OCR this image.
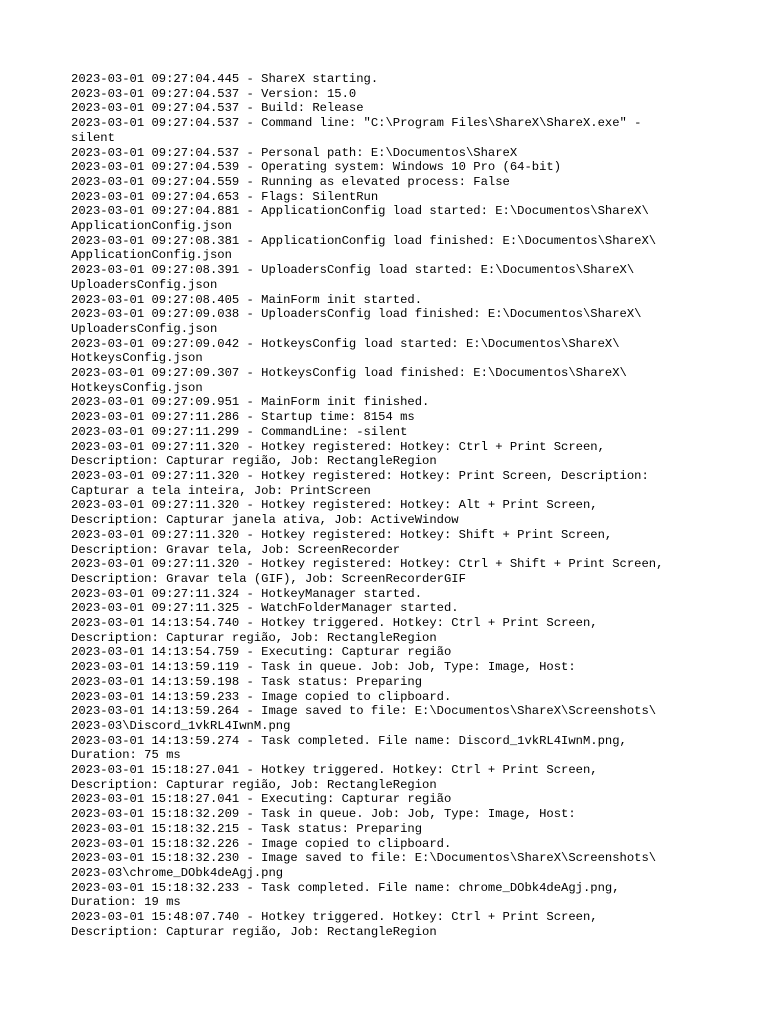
2023-03-01 09:27:04.445 - ShareX starting.
2023-03-01 09:27:04.537 - Version: 15.0
2023-03-01 09:27:04.537 - Build: Release
2023-03-01 09:27:04.537 - Command line: "C:\Program Files\ShareX\ShareX.exe" -
silent
2023-03-01 09:27:04.537 - Personal path: E:\Documentos\ShareX
2023-03-01 09:27:04.539 - Operating system: Windows 10 Pro (64-bit)
2023-03-01 09:27:04.559 - Running as elevated process: False
2023-03-01 09:27:04.653 - Flags: SilentRun
2023-03-01 09:27:04.881 - ApplicationConfig load started: E:\Documentos\ShareX\
ApplicationConfig.json
2023-03-01 09:27:08.381 - ApplicationConfig load finished: E:\Documentos\ShareX\
ApplicationConfig.json
2023-03-01 09:27:08.391 - UploadersConfig load started: E:\Documentos\ShareX\
UploadersConfig.json
2023-03-01 09:27:08.405 - MainForm init started.
2023-03-01 09:27:09.038 - UploadersConfig load finished: E:\Documentos\ShareX\
UploadersConfig.json
2023-03-01 09:27:09.042 - HotkeysConfig load started: E:\Documentos\ShareX\
HotkeysConfig.json
2023-03-01 09:27:09.307 - HotkeysConfig load finished: E:\Documentos\ShareX\
HotkeysConfig.json
2023-03-01 09:27:09.951 - MainForm init finished.
2023-03-01 09:27:11.286 - Startup time: 8154 ms
2023-03-01 09:27:11.299 - CommandLine: -silent
2023-03-01 09:27:11.320 - Hotkey registered: Hotkey: Ctrl + Print Screen,
Description: Capturar região, Job: RectangleRegion
2023-03-01 09:27:11.320 - Hotkey registered: Hotkey: Print Screen, Description:
Capturar a tela inteira, Job: PrintScreen
2023-03-01 09:27:11.320 - Hotkey registered: Hotkey: Alt + Print Screen,
Description: Capturar janela ativa, Job: ActiveWindow
2023-03-01 09:27:11.320 - Hotkey registered: Hotkey: Shift + Print Screen,
Description: Gravar tela, Job: ScreenRecorder
2023-03-01 09:27:11.320 - Hotkey registered: Hotkey: Ctrl + Shift + Print Screen,
Description: Gravar tela (GIF), Job: ScreenRecorderGIF
2023-03-01 09:27:11.324 - HotkeyManager started.
2023-03-01 09:27:11.325 - WatchFolderManager started.
2023-03-01 14:13:54.740 - Hotkey triggered. Hotkey: Ctrl + Print Screen,
Description: Capturar região, Job: RectangleRegion
2023-03-01 14:13:54.759 - Executing: Capturar região
2023-03-01 14:13:59.119 - Task in queue. Job: Job, Type: Image, Host:
2023-03-01 14:13:59.198 - Task status: Preparing
2023-03-01 14:13:59.233 - Image copied to clipboard.
2023-03-01 14:13:59.264 - Image saved to file: E:\Documentos\ShareX\Screenshots\
2023-03\Discord_1vkRL4IwnM.png
2023-03-01 14:13:59.274 - Task completed. File name: Discord_1vkRL4IwnM.png,
Duration: 75 ms
2023-03-01 15:18:27.041 - Hotkey triggered. Hotkey: Ctrl + Print Screen,
Description: Capturar região, Job: RectangleRegion
2023-03-01 15:18:27.041 - Executing: Capturar região
2023-03-01 15:18:32.209 - Task in queue. Job: Job, Type: Image, Host:
2023-03-01 15:18:32.215 - Task status: Preparing
2023-03-01 15:18:32.226 - Image copied to clipboard.
2023-03-01 15:18:32.230 - Image saved to file: E:\Documentos\ShareX\Screenshots\
2023-03\chrome_DObk4deAgj.png
2023-03-01 15:18:32.233 - Task completed. File name: chrome_DObk4deAgj.png,
Duration: 19 ms
2023-03-01 15:48:07.740 - Hotkey triggered. Hotkey: Ctrl + Print Screen,
Description: Capturar região, Job: RectangleRegion
